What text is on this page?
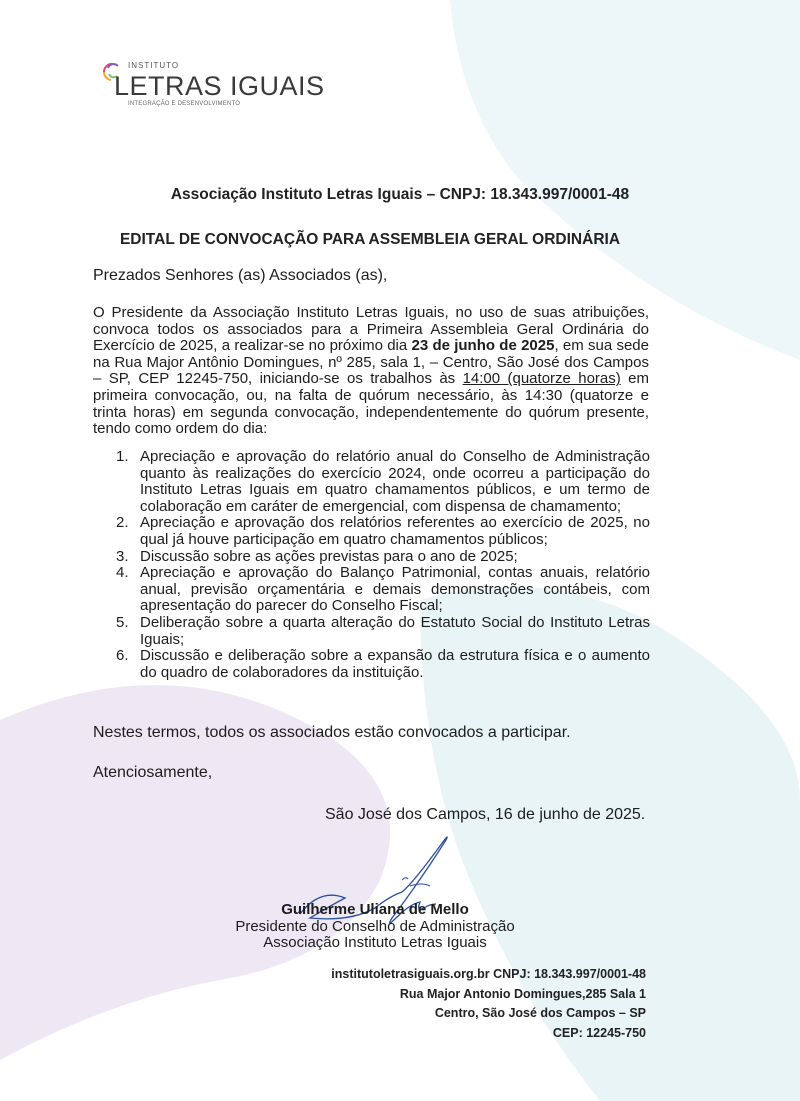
INSTITUTO
LETRAS IGUAIS
INTEGRAÇÃO E DESENVOLVIMENTO
Associação Instituto Letras Iguais – CNPJ: 18.343.997/0001-48
EDITAL DE CONVOCAÇÃO PARA ASSEMBLEIA GERAL ORDINÁRIA
Prezados Senhores (as) Associados (as),

O Presidente da Associação Instituto Letras Iguais, no uso de suas atribuições, convoca todos os associados para a Primeira Assembleia Geral Ordinária do Exercício de 2025, a realizar-se no próximo dia 23 de junho de 2025, em sua sede na Rua Major Antônio Domingues, nº 285, sala 1, – Centro, São José dos Campos – SP, CEP 12245-750, iniciando-se os trabalhos às 14:00 (quatorze horas) em primeira convocação, ou, na falta de quórum necessário, às 14:30 (quatorze e trinta horas) em segunda convocação, independentemente do quórum presente, tendo como ordem do dia:

1. Apreciação e aprovação do relatório anual do Conselho de Administração quanto às realizações do exercício 2024, onde ocorreu a participação do Instituto Letras Iguais em quatro chamamentos públicos, e um termo de colaboração em caráter de emergencial, com dispensa de chamamento;
2. Apreciação e aprovação dos relatórios referentes ao exercício de 2025, no qual já houve participação em quatro chamamentos públicos;
3. Discussão sobre as ações previstas para o ano de 2025;
4. Apreciação e aprovação do Balanço Patrimonial, contas anuais, relatório anual, previsão orçamentária e demais demonstrações contábeis, com apresentação do parecer do Conselho Fiscal;
5. Deliberação sobre a quarta alteração do Estatuto Social do Instituto Letras Iguais;
6. Discussão e deliberação sobre a expansão da estrutura física e o aumento do quadro de colaboradores da instituição.
Nestes termos, todos os associados estão convocados a participar.
Atenciosamente,
São José dos Campos, 16 de junho de 2025.
Guilherme Uliana de Mello
Presidente do Conselho de Administração
Associação Instituto Letras Iguais
institutoletrasiguais.org.br CNPJ: 18.343.997/0001-48
Rua Major Antonio Domingues,285 Sala 1
Centro, São José dos Campos – SP
CEP: 12245-750
